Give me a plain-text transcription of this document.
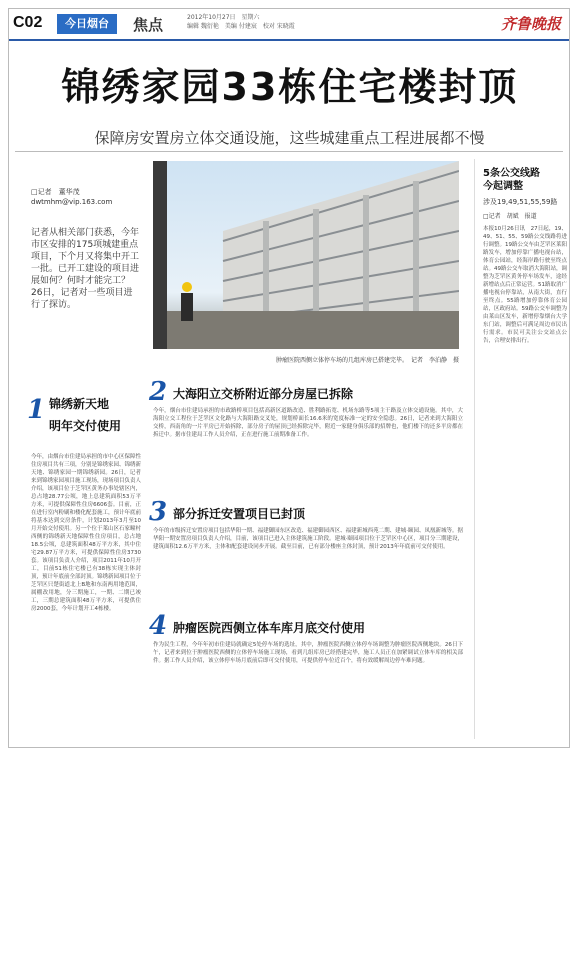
C02	今日烟台	焦点	2012年10月27日　星期六
编辑 魏衍艳　美编 付建宸　校对 宋晓霞	齐鲁晚报
锦绣家园33栋住宅楼封顶
保障房安置房立体交通设施，这些城建重点工程进展都不慢
□记者　董华茂
dwtmhm@vip.163.com
记者从相关部门获悉，今年市区安排的175项城建重点项目，下个月又将集中开工一批。已开工建设的项目进展如何？何时才能完工？26日，记者对一些项目进行了探访。
肿瘤医院西侧立体停车场的几组库房已搭建完毕。　记者　李泊静　摄
1 锦绣新天地
明年交付使用
今年，由烟台市住建局承担的市中心区保障性住房项目共有三项，分别是锦绣家园、锦绣新天地、锦绣家园一期锦绣新园。26日，记者来到锦绣家园项目施工现场，现场项目负责人介绍，该项目位于芝罘区黄务办事处辖区内，总占地28.77公顷，地上总建筑面积53万平方米，可提供保障性住房6606套。目前，正在进行室内粉刷和楼化配套施工，预计年底前将基本达到交房条件，计划2013年3月至10月开始交付使用。另一个位于莱山区石家疃村西侧的锦绣新天地保障性住房项目，总占地18.5公顷，总建筑面积48万平方米，其中住宅29.87万平方米，可提供保障性住房3730套。该项目负责人介绍，项目2011年10月开工，目前51栋住宅楼已有38栋实现主体封顶，预计年底前全部封顶。锦绣新园项目位于芝罘区只楚街道北上B地和东南两用地范围，属棚改用地，分三期施工，一期、二期已竣工，三期总建筑面积48万平方米，可提供住房2000套，今年计划开工4栋楼。
2 大海阳立交桥附近部分房屋已拆除
今年，烟台市住建局承担的市政路桥项目包括高新区道路改造、胜利路拓宽、机场东路等5项主干路及立体交通设施。其中，大海阳立交工程位于芝罘区文化路与大海阳路交叉处，规划桥面长16.6米的宽度标准一定的安全隐患。26日，记者来到大海阳立交桥，西南角的一片平房已开始拆除，部分房子的屋顶已经拆除完毕，附近一家健身俱乐部的招牌也，他们楼下的还多平房都在拆迁中。据市住建局工作人员介绍，正在进行施工前期准备工作。
3 部分拆迁安置项目已封顶
今年的市级拆迁安置房项目包括华阳一期、福建御园东区改造、福建御园西区、福建新城西苑二期、建城·颐园、凤凰新城等。据华阳一期安置房项目负责人介绍，目前，该项目已进入主体建筑施工阶段。建城·颐园项目位于芝罘区中心区，项目分三期建设，建筑面积12.6万平方米，主体和配套建设同步开展。截至目前，已有部分楼座主体封顶，预计2013年年底前可交付使用。
4 肿瘤医院西侧立体车库月底交付使用
作为民生工程，今年年初市住建局就确定5处停车场的选址，其中，肿瘤医院西侧立体停车场调整为肿瘤医院西侧地块。26日下午，记者来到位于肿瘤医院西侧的立体停车场施工现场，看到几组库房已经搭建完毕，施工人员正在加紧调试立体车库的相关部件。据工作人员介绍，该立体停车场月底前后即可交付使用，可提供停车位近百个，将有效缓解周边停车难问题。
5条公交线路
今起调整
涉及19,49,51,55,59路
□记者　胡斌　报道
本报10月26日讯　27日起，19、49、51、55、59路公交线路将进行调整。19路公交车由芝罘区莱阳路发车，增加停靠广播电视台站，体育公园站，经海岸路行驶至终点站。49路公交车取消大海阳站，调整为芝罘区黄务停车场发车，途经新增站点后正常运营。51路取消广播电视台停靠站，从南大街，直行至终点。55路增加停靠体育公园站，区政府站。59路公交车调整为由莱山区发车，新增停靠烟台大学东门站，调整后可满足周边市民出行需求。市民可关注公交站点公告，合理安排出行。
